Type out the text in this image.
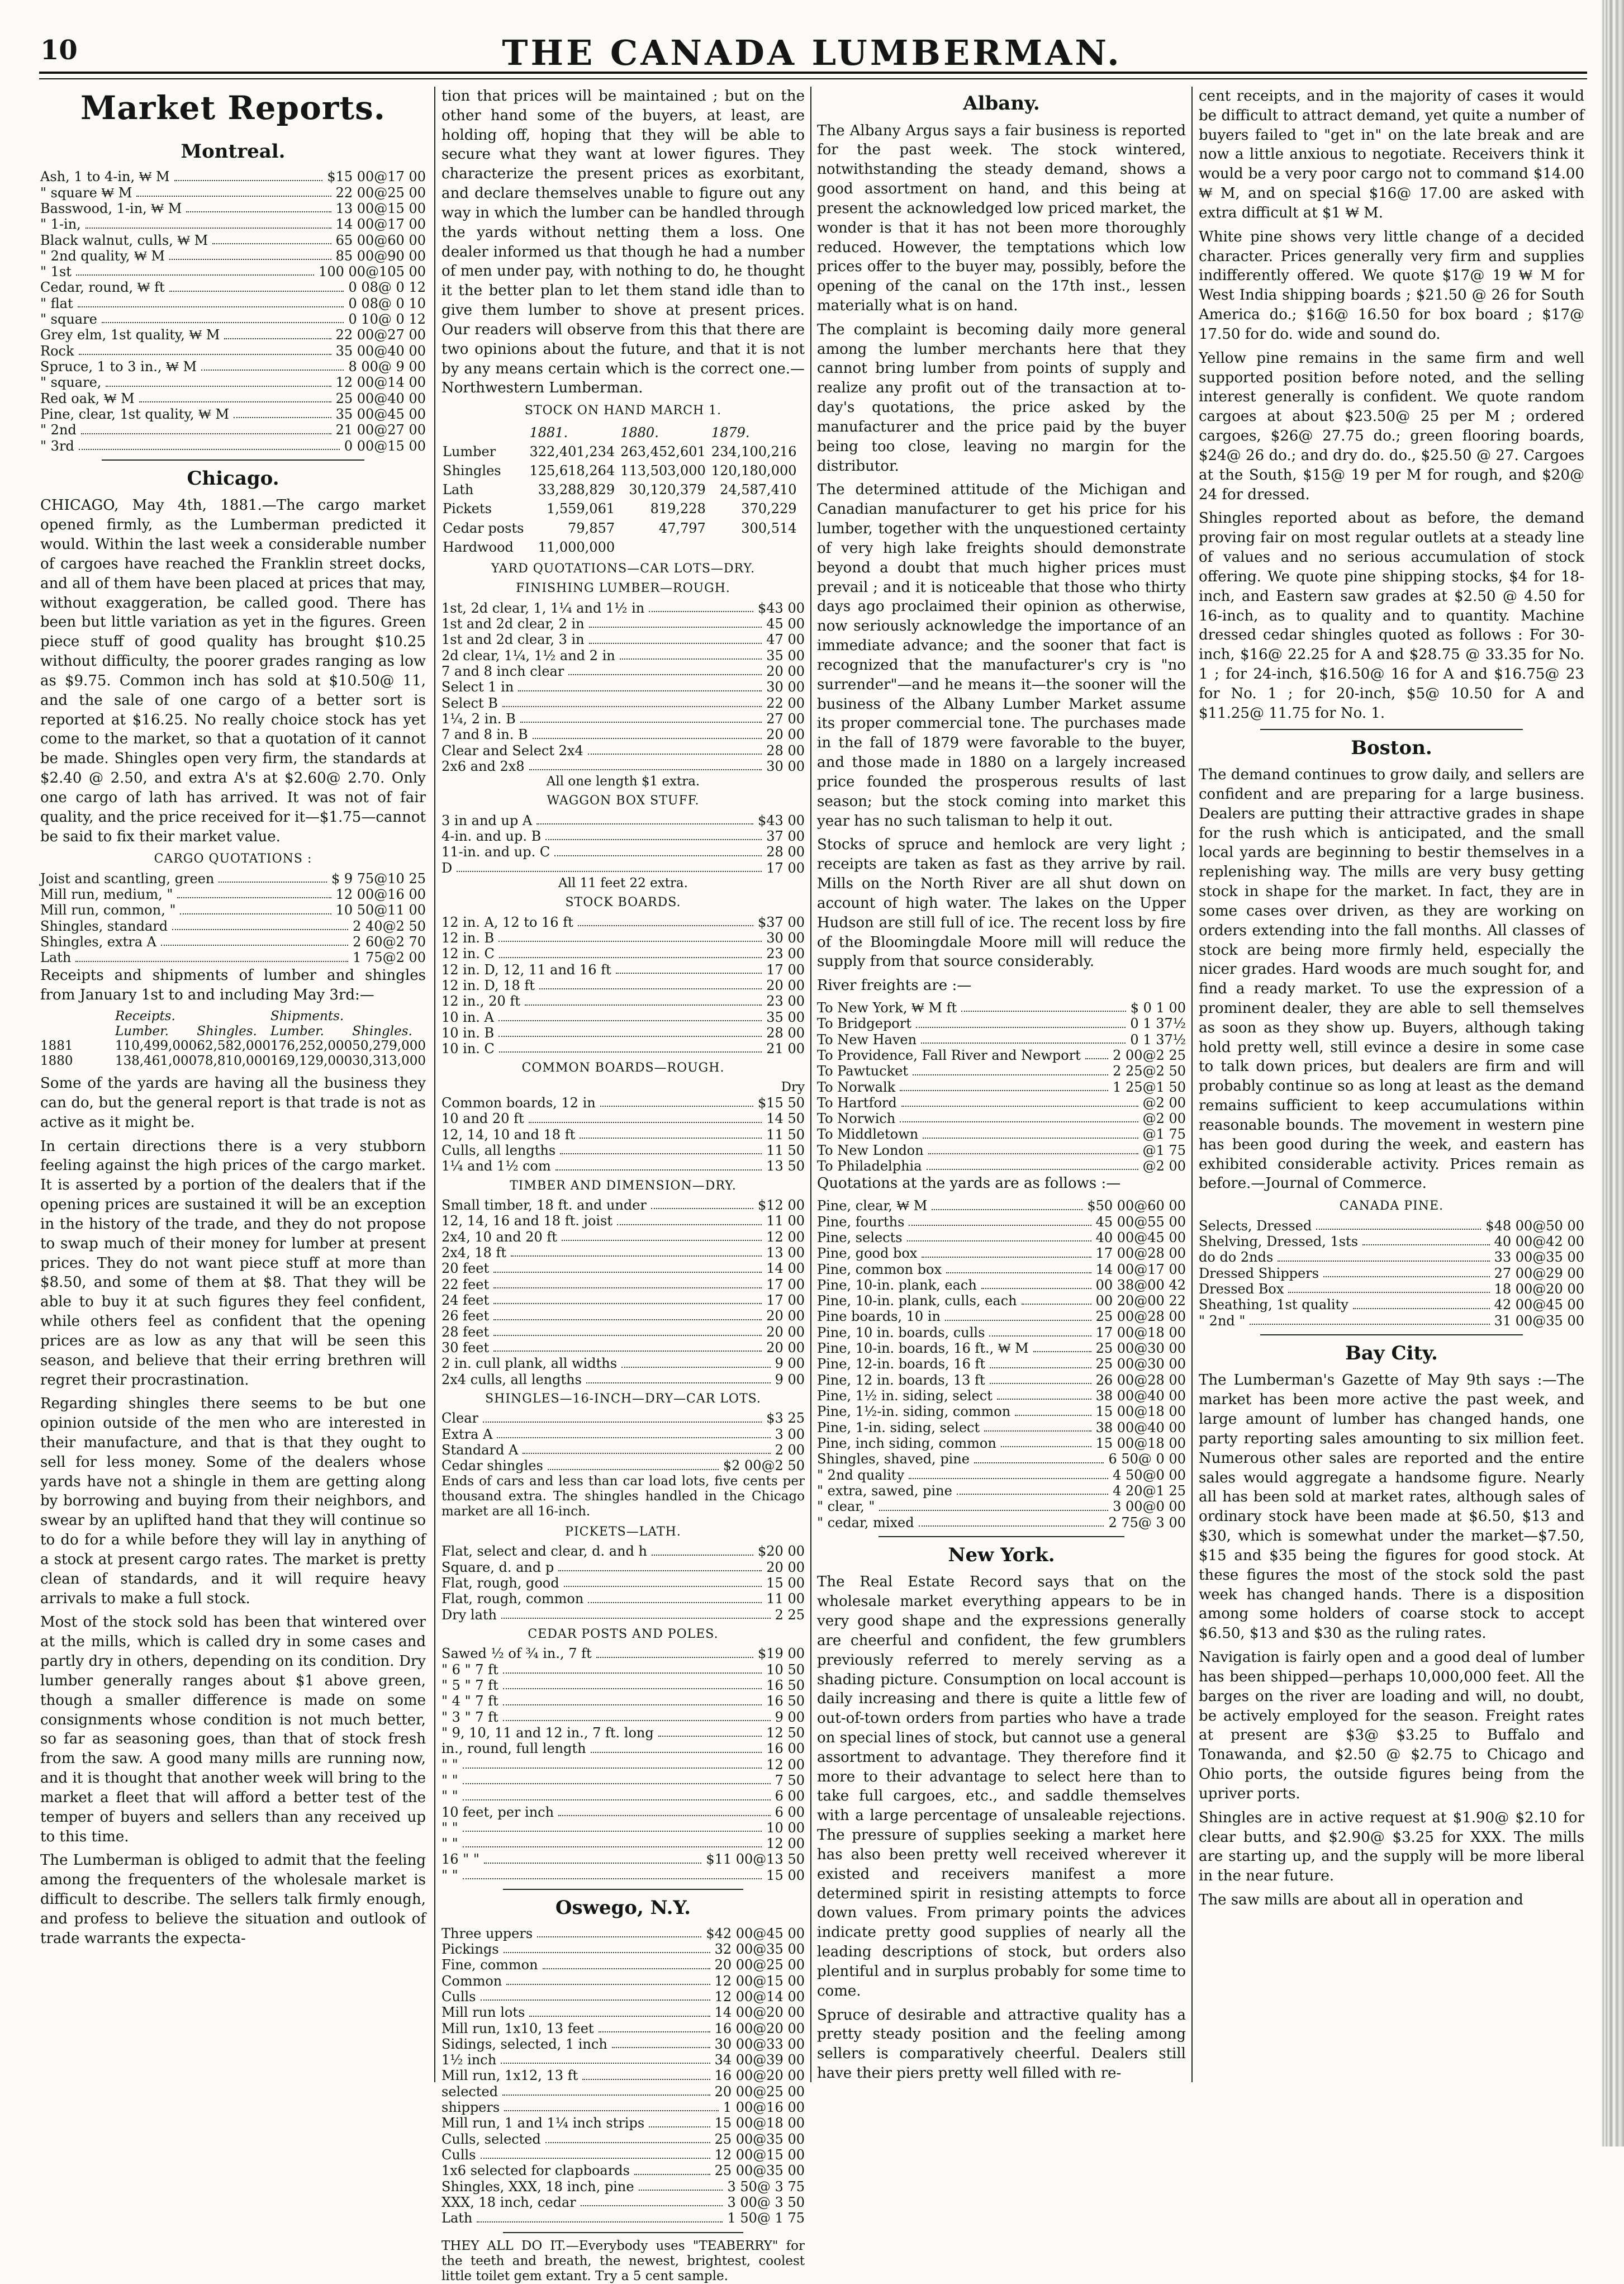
10	THE CANADA LUMBERMAN.
Market Reports.
Montreal.
Ash, 1 to 4-in, ₩ M	$15 00@17 00
" square ₩ M	22 00@25 00
Basswood, 1-in, ₩ M	13 00@15 00
" 1-in,	14 00@17 00
Black walnut, culls, ₩ M	65 00@60 00
" 2nd quality, ₩ M	85 00@90 00
" 1st	100 00@105 00
Cedar, round, ₩ ft	0 08@ 0 12
" flat	0 08@ 0 10
" square	0 10@ 0 12
Grey elm, 1st quality, ₩ M	22 00@27 00
Rock	35 00@40 00
Spruce, 1 to 3 in., ₩ M	8 00@ 9 00
" square,	12 00@14 00
Red oak, ₩ M	25 00@40 00
Pine, clear, 1st quality, ₩ M	35 00@45 00
" 2nd	21 00@27 00
" 3rd	0 00@15 00
Chicago.

CHICAGO, May 4th, 1881.—The cargo market opened firmly, as the Lumberman predicted it would. Within the last week a considerable number of cargoes have reached the Franklin street docks, and all of them have been placed at prices that may, without exaggeration, be called good. There has been but little variation as yet in the figures. Green piece stuff of good quality has brought $10.25 without difficulty, the poorer grades ranging as low as $9.75. Common inch has sold at $10.50@ 11, and the sale of one cargo of a better sort is reported at $16.25. No really choice stock has yet come to the market, so that a quotation of it cannot be made. Shingles open very firm, the standards at $2.40 @ 2.50, and extra A's at $2.60@ 2.70. Only one cargo of lath has arrived. It was not of fair quality, and the price received for it—$1.75—cannot be said to fix their market value.

CARGO QUOTATIONS :
Joist and scantling, green	$ 9 75@10 25
Mill run, medium, "	12 00@16 00
Mill run, common, "	10 50@11 00
Shingles, standard	2 40@2 50
Shingles, extra A	2 60@2 70
Lath	1 75@2 00

Receipts and shipments of lumber and shingles from January 1st to and including May 3rd:—

Receipts.	Shipments.
Lumber.	Shingles.	Lumber.	Shingles.
1881	110,499,000 62,582,000 176,252,000 50,279,000
1880	138,461,000 78,810,000 169,129,000 30,313,000

Some of the yards are having all the business they can do, but the general report is that trade is not as active as it might be.

In certain directions there is a very stubborn feeling against the high prices of the cargo market. It is asserted by a portion of the dealers that if the opening prices are sustained it will be an exception in the history of the trade, and they do not propose to swap much of their money for lumber at present prices. They do not want piece stuff at more than $8.50, and some of them at $8. That they will be able to buy it at such figures they feel confident, while others feel as confident that the opening prices are as low as any that will be seen this season, and believe that their erring brethren will regret their procrastination.

Regarding shingles there seems to be but one opinion outside of the men who are interested in their manufacture, and that is that they ought to sell for less money. Some of the dealers whose yards have not a shingle in them are getting along by borrowing and buying from their neighbors, and swear by an uplifted hand that they will continue so to do for a while before they will lay in anything of a stock at present cargo rates. The market is pretty clean of standards, and it will require heavy arrivals to make a full stock.

Most of the stock sold has been that wintered over at the mills, which is called dry in some cases and partly dry in others, depending on its condition. Dry lumber generally ranges about $1 above green, though a smaller difference is made on some consignments whose condition is not much better, so far as seasoning goes, than that of stock fresh from the saw. A good many mills are running now, and it is thought that another week will bring to the market a fleet that will afford a better test of the temper of buyers and sellers than any received up to this time.

The Lumberman is obliged to admit that the feeling among the frequenters of the wholesale market is difficult to describe. The sellers talk firmly enough, and profess to believe the situation and outlook of trade warrants the expecta-

tion that prices will be maintained ; but on the other hand some of the buyers, at least, are holding off, hoping that they will be able to secure what they want at lower figures. They characterize the present prices as exorbitant, and declare themselves unable to figure out any way in which the lumber can be handled through the yards without netting them a loss. One dealer informed us that though he had a number of men under pay, with nothing to do, he thought it the better plan to let them stand idle than to give them lumber to shove at present prices. Our readers will observe from this that there are two opinions about the future, and that it is not by any means certain which is the correct one.—Northwestern Lumberman.

STOCK ON HAND MARCH 1.
	1881.	1880.	1879.
Lumber	322,401,234	263,452,601	234,100,216
Shingles	125,618,264	113,503,000	120,180,000
Lath	33,288,829	30,120,379	24,587,410
Pickets	1,559,061	819,228	370,229
Cedar posts	79,857	47,797	300,514
Hardwood	11,000,000		
YARD QUOTATIONS—CAR LOTS—DRY.
FINISHING LUMBER—ROUGH.
1st, 2d clear, 1, 1¼ and 1½ in	$43 00
1st and 2d clear, 2 in	45 00
1st and 2d clear, 3 in	47 00
2d clear, 1¼, 1½ and 2 in	35 00
7 and 8 inch clear	20 00
Select 1 in	30 00
Select B	22 00
1¼, 2 in. B	27 00
7 and 8 in. B	20 00
Clear and Select 2x4	28 00
2x6 and 2x8	30 00
All one length $1 extra.
WAGGON BOX STUFF.
3 in and up A	$43 00
4-in. and up. B	37 00
11-in. and up. C	28 00
D	17 00
All 11 feet 22 extra.
STOCK BOARDS.
12 in. A, 12 to 16 ft	$37 00
12 in. B	30 00
12 in. C	23 00
12 in. D, 12, 11 and 16 ft	17 00
12 in. D, 18 ft	20 00
12 in., 20 ft	23 00
10 in. A	35 00
10 in. B	28 00
10 in. C	21 00
COMMON BOARDS—ROUGH.
Dry
Common boards, 12 in	$15 50
10 and 20 ft	14 50
12, 14, 10 and 18 ft	11 50
Culls, all lengths	11 50
1¼ and 1½ com	13 50
TIMBER AND DIMENSION—DRY.
Small timber, 18 ft. and under	$12 00
12, 14, 16 and 18 ft. joist	11 00
2x4, 10 and 20 ft	12 00
2x4, 18 ft	13 00
20 feet	14 00
22 feet	17 00
24 feet	17 00
26 feet	20 00
28 feet	20 00
30 feet	20 00
2 in. cull plank, all widths	9 00
2x4 culls, all lengths	9 00
SHINGLES—16-INCH—DRY—CAR LOTS.
Clear	$3 25
Extra A	3 00
Standard A	2 00
Cedar shingles	$2 00@2 50

Ends of cars and less than car load lots, five cents per thousand extra. The shingles handled in the Chicago market are all 16-inch.

PICKETS—LATH.
Flat, select and clear, d. and h	$20 00
Square, d. and p	20 00
Flat, rough, good	15 00
Flat, rough, common	11 00
Dry lath	2 25
CEDAR POSTS AND POLES.
Sawed ½ of ¾ in., 7 ft	$19 00
" 6 " 7 ft	10 50
" 5 " 7 ft	16 50
" 4 " 7 ft	16 50
" 3 " 7 ft	9 00
" 9, 10, 11 and 12 in., 7 ft. long	12 50
in., round, full length	16 00
" "	12 00
" "	7 50
" "	6 00
10 feet, per inch	6 00
" "	10 00
" "	12 00
16 " "	$11 00@13 50
" "	15 00
Oswego, N.Y.
Three uppers	$42 00@45 00
Pickings	32 00@35 00
Fine, common	20 00@25 00
Common	12 00@15 00
Culls	12 00@14 00
Mill run lots	14 00@20 00
Mill run, 1x10, 13 feet	16 00@20 00
Sidings, selected, 1 inch	30 00@33 00
1½ inch	34 00@39 00
Mill run, 1x12, 13 ft	16 00@20 00
selected	20 00@25 00
shippers	1 00@16 00
Mill run, 1 and 1¼ inch strips	15 00@18 00
Culls, selected	25 00@35 00
Culls	12 00@15 00
1x6 selected for clapboards	25 00@35 00
Shingles, XXX, 18 inch, pine	3 50@ 3 75
XXX, 18 inch, cedar	3 00@ 3 50
Lath	1 50@ 1 75

THEY ALL DO IT.—Everybody uses "TEABERRY" for the teeth and breath, the newest, brightest, coolest little toilet gem extant. Try a 5 cent sample.

Albany.

The Albany Argus says a fair business is reported for the past week. The stock wintered, notwithstanding the steady demand, shows a good assortment on hand, and this being at present the acknowledged low priced market, the wonder is that it has not been more thoroughly reduced. However, the temptations which low prices offer to the buyer may, possibly, before the opening of the canal on the 17th inst., lessen materially what is on hand.

The complaint is becoming daily more general among the lumber merchants here that they cannot bring lumber from points of supply and realize any profit out of the transaction at to-day's quotations, the price asked by the manufacturer and the price paid by the buyer being too close, leaving no margin for the distributor.

The determined attitude of the Michigan and Canadian manufacturer to get his price for his lumber, together with the unquestioned certainty of very high lake freights should demonstrate beyond a doubt that much higher prices must prevail ; and it is noticeable that those who thirty days ago proclaimed their opinion as otherwise, now seriously acknowledge the importance of an immediate advance; and the sooner that fact is recognized that the manufacturer's cry is "no surrender"—and he means it—the sooner will the business of the Albany Lumber Market assume its proper commercial tone. The purchases made in the fall of 1879 were favorable to the buyer, and those made in 1880 on a largely increased price founded the prosperous results of last season; but the stock coming into market this year has no such talisman to help it out.

Stocks of spruce and hemlock are very light ; receipts are taken as fast as they arrive by rail. Mills on the North River are all shut down on account of high water. The lakes on the Upper Hudson are still full of ice. The recent loss by fire of the Bloomingdale Moore mill will reduce the supply from that source considerably.

River freights are :—

To New York, ₩ M ft	$ 0 1 00
To Bridgeport	0 1 37½
To New Haven	0 1 37½
To Providence, Fall River and Newport 2 00@2 25
To Pawtucket	2 25@2 50
To Norwalk	1 25@1 50
To Hartford	@2 00
To Norwich	@2 00
To Middletown	@1 75
To New London	@1 75
To Philadelphia	@2 00

Quotations at the yards are as follows :—

Pine, clear, ₩ M	$50 00@60 00
Pine, fourths	45 00@55 00
Pine, selects	40 00@45 00
Pine, good box	17 00@28 00
Pine, common box	14 00@17 00
Pine, 10-in. plank, each	00 38@00 42
Pine, 10-in. plank, culls, each	00 20@00 22
Pine boards, 10 in	25 00@28 00
Pine, 10 in. boards, culls	17 00@18 00
Pine, 10-in. boards, 16 ft., ₩ M	25 00@30 00
Pine, 12-in. boards, 16 ft	25 00@30 00
Pine, 12 in. boards, 13 ft	26 00@28 00
Pine, 1½ in. siding, select	38 00@40 00
Pine, 1½-in. siding, common	15 00@18 00
Pine, 1-in. siding, select	38 00@40 00
Pine, inch siding, common	15 00@18 00
Shingles, shaved, pine	6 50@ 0 00
" 2nd quality	4 50@0 00
" extra, sawed, pine	4 20@1 25
" clear, "	3 00@0 00
" cedar, mixed	2 75@ 3 00
New York.

The Real Estate Record says that on the wholesale market everything appears to be in very good shape and the expressions generally are cheerful and confident, the few grumblers previously referred to merely serving as a shading picture. Consumption on local account is daily increasing and there is quite a little few of out-of-town orders from parties who have a trade on special lines of stock, but cannot use a general assortment to advantage. They therefore find it more to their advantage to select here than to take full cargoes, etc., and saddle themselves with a large percentage of unsaleable rejections. The pressure of supplies seeking a market here has also been pretty well received wherever it existed and receivers manifest a more determined spirit in resisting attempts to force down values. From primary points the advices indicate pretty good supplies of nearly all the leading descriptions of stock, but orders also plentiful and in surplus probably for some time to come.

Spruce of desirable and attractive quality has a pretty steady position and the feeling among sellers is comparatively cheerful. Dealers still have their piers pretty well filled with re-

cent receipts, and in the majority of cases it would be difficult to attract demand, yet quite a number of buyers failed to "get in" on the late break and are now a little anxious to negotiate. Receivers think it would be a very poor cargo not to command $14.00 ₩ M, and on special $16@ 17.00 are asked with extra difficult at $1 ₩ M.

White pine shows very little change of a decided character. Prices generally very firm and supplies indifferently offered. We quote $17@ 19 ₩ M for West India shipping boards ; $21.50 @ 26 for South America do.; $16@ 16.50 for box board ; $17@ 17.50 for do. wide and sound do.

Yellow pine remains in the same firm and well supported position before noted, and the selling interest generally is confident. We quote random cargoes at about $23.50@ 25 per M ; ordered cargoes, $26@ 27.75 do.; green flooring boards, $24@ 26 do.; and dry do. do., $25.50 @ 27. Cargoes at the South, $15@ 19 per M for rough, and $20@ 24 for dressed.

Shingles reported about as before, the demand proving fair on most regular outlets at a steady line of values and no serious accumulation of stock offering. We quote pine shipping stocks, $4 for 18-inch, and Eastern saw grades at $2.50 @ 4.50 for 16-inch, as to quality and to quantity. Machine dressed cedar shingles quoted as follows : For 30-inch, $16@ 22.25 for A and $28.75 @ 33.35 for No. 1 ; for 24-inch, $16.50@ 16 for A and $16.75@ 23 for No. 1 ; for 20-inch, $5@ 10.50 for A and $11.25@ 11.75 for No. 1.

Boston.

The demand continues to grow daily, and sellers are confident and are preparing for a large business. Dealers are putting their attractive grades in shape for the rush which is anticipated, and the small local yards are beginning to bestir themselves in a replenishing way. The mills are very busy getting stock in shape for the market. In fact, they are in some cases over driven, as they are working on orders extending into the fall months. All classes of stock are being more firmly held, especially the nicer grades. Hard woods are much sought for, and find a ready market. To use the expression of a prominent dealer, they are able to sell themselves as soon as they show up. Buyers, although taking hold pretty well, still evince a desire in some case to talk down prices, but dealers are firm and will probably continue so as long at least as the demand remains sufficient to keep accumulations within reasonable bounds. The movement in western pine has been good during the week, and eastern has exhibited considerable activity. Prices remain as before.—Journal of Commerce.

CANADA PINE.
Selects, Dressed	$48 00@50 00
Shelving, Dressed, 1sts	40 00@42 00
do do 2nds	33 00@35 00
Dressed Shippers	27 00@29 00
Dressed Box	18 00@20 00
Sheathing, 1st quality	42 00@45 00
" 2nd "	31 00@35 00
Bay City.

The Lumberman's Gazette of May 9th says :—The market has been more active the past week, and large amount of lumber has changed hands, one party reporting sales amounting to six million feet. Numerous other sales are reported and the entire sales would aggregate a handsome figure. Nearly all has been sold at market rates, although sales of ordinary stock have been made at $6.50, $13 and $30, which is somewhat under the market—$7.50, $15 and $35 being the figures for good stock. At these figures the most of the stock sold the past week has changed hands. There is a disposition among some holders of coarse stock to accept $6.50, $13 and $30 as the ruling rates.

Navigation is fairly open and a good deal of lumber has been shipped—perhaps 10,000,000 feet. All the barges on the river are loading and will, no doubt, be actively employed for the season. Freight rates at present are $3@ $3.25 to Buffalo and Tonawanda, and $2.50 @ $2.75 to Chicago and Ohio ports, the outside figures being from the upriver ports.

Shingles are in active request at $1.90@ $2.10 for clear butts, and $2.90@ $3.25 for XXX. The mills are starting up, and the supply will be more liberal in the near future.

The saw mills are about all in operation and
